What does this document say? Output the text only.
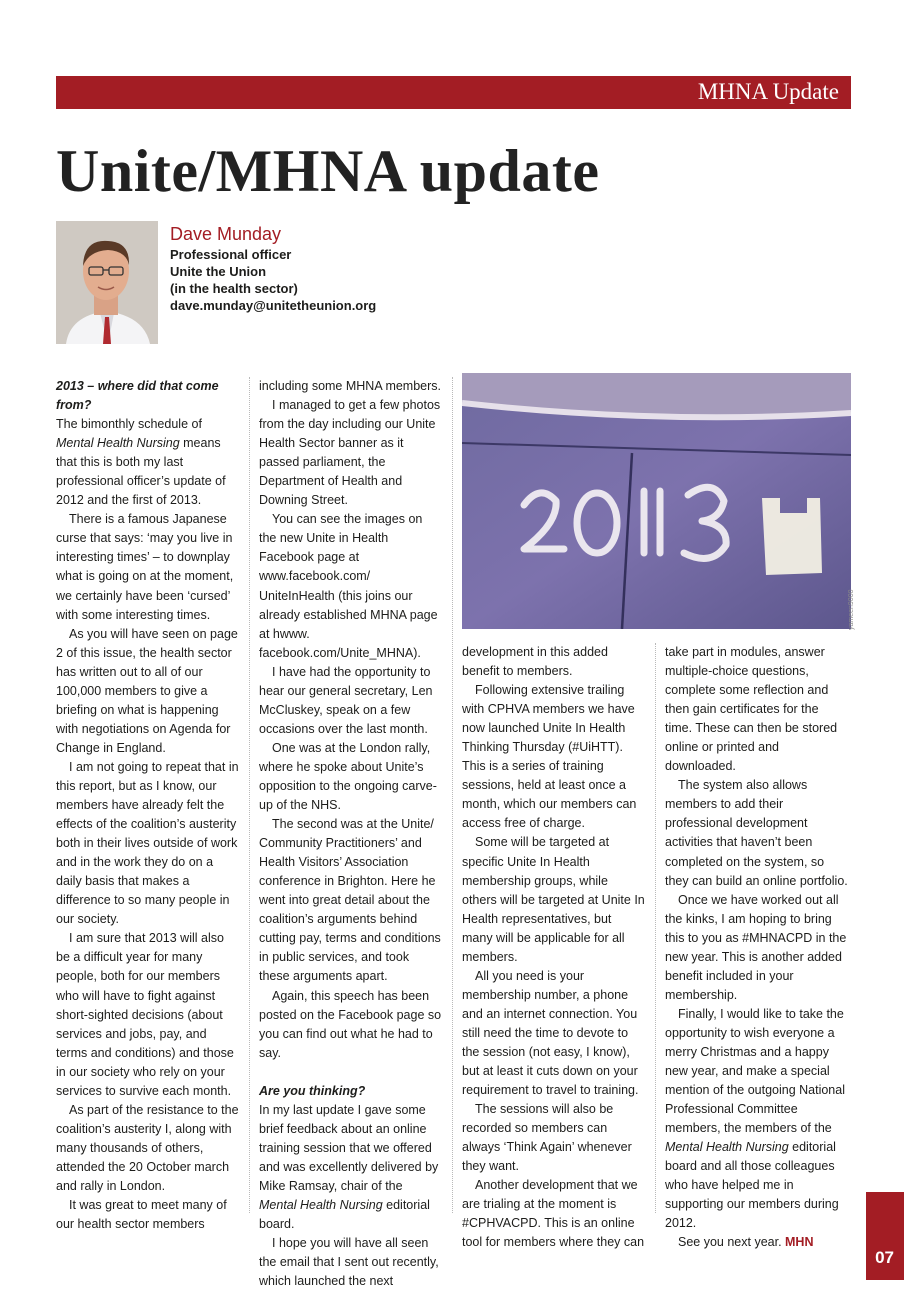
MHNA Update
Unite/MHNA update
Dave Munday
Professional officer
Unite the Union
(in the health sector)
dave.munday@unitetheunion.org
2013 – where did that come from?

The bimonthly schedule of Mental Health Nursing means that this is both my last professional officer’s update of 2012 and the first of 2013.

There is a famous Japanese curse that says: ‘may you live in interesting times’ – to downplay what is going on at the moment, we certainly have been ‘cursed’ with some interesting times.

As you will have seen on page 2 of this issue, the health sector has written out to all of our 100,000 members to give a briefing on what is happening with negotiations on Agenda for Change in England.

I am not going to repeat that in this report, but as I know, our members have already felt the effects of the coalition’s austerity both in their lives outside of work and in the work they do on a daily basis that makes a difference to so many people in our society.

I am sure that 2013 will also be a difficult year for many people, both for our members who will have to fight against short-sighted decisions (about services and jobs, pay, and terms and conditions) and those in our society who rely on your services to survive each month.

As part of the resistance to the coalition’s austerity I, along with many thousands of others, attended the 20 October march and rally in London.

It was great to meet many of our health sector members

including some MHNA members.

I managed to get a few photos from the day including our Unite Health Sector banner as it passed parliament, the Department of Health and Downing Street.

You can see the images on the new Unite in Health Facebook page at www.facebook.com/ UniteInHealth (this joins our already established MHNA page at hwww. facebook.com/Unite_MHNA).

I have had the opportunity to hear our general secretary, Len McCluskey, speak on a few occasions over the last month.

One was at the London rally, where he spoke about Unite’s opposition to the ongoing carve-up of the NHS.

The second was at the Unite/ Community Practitioners’ and Health Visitors’ Association conference in Brighton. Here he went into great detail about the coalition’s arguments behind cutting pay, terms and conditions in public services, and took these arguments apart.

Again, this speech has been posted on the Facebook page so you can find out what he had to say.

Are you thinking?

In my last update I gave some brief feedback about an online training session that we offered and was excellently delivered by Mike Ramsay, chair of the Mental Health Nursing editorial board.

I hope you will have all seen the email that I sent out recently, which launched the next

yameen9000

development in this added benefit to members.

Following extensive trailing with CPHVA members we have now launched Unite In Health Thinking Thursday (#UiHTT). This is a series of training sessions, held at least once a month, which our members can access free of charge.

Some will be targeted at specific Unite In Health membership groups, while others will be targeted at Unite In Health representatives, but many will be applicable for all members.

All you need is your membership number, a phone and an internet connection. You still need the time to devote to the session (not easy, I know), but at least it cuts down on your requirement to travel to training.

The sessions will also be recorded so members can always ‘Think Again’ whenever they want.

Another development that we are trialing at the moment is #CPHVACPD. This is an online tool for members where they can

take part in modules, answer multiple-choice questions, complete some reflection and then gain certificates for the time. These can then be stored online or printed and downloaded.

The system also allows members to add their professional development activities that haven’t been completed on the system, so they can build an online portfolio.

Once we have worked out all the kinks, I am hoping to bring this to you as #MHNACPD in the new year. This is another added benefit included in your membership.

Finally, I would like to take the opportunity to wish everyone a merry Christmas and a happy new year, and make a special mention of the outgoing National Professional Committee members, the members of the Mental Health Nursing editorial board and all those colleagues who have helped me in supporting our members during 2012.

See you next year. MHN

07
